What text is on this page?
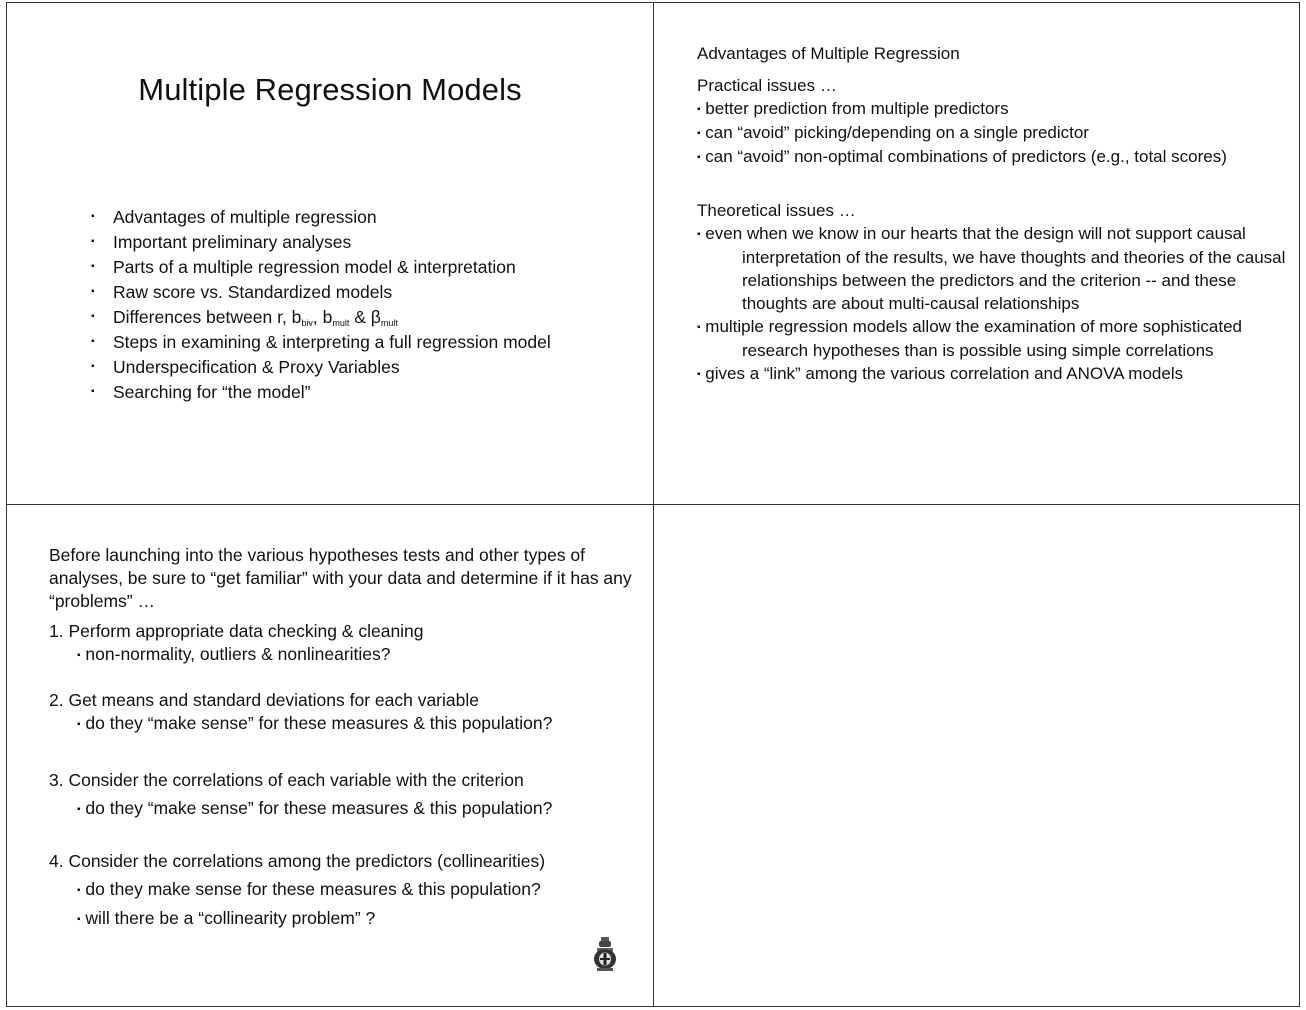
Multiple Regression Models
▪ Advantages of multiple regression
▪ Important preliminary analyses
▪ Parts of a multiple regression model & interpretation
▪ Raw score vs. Standardized models
▪ Differences between r, $b_{biv}$, $b_{mult}$ & $\beta_{mult}$
▪ Steps in examining & interpreting a full regression model
▪ Underspecification & Proxy Variables
▪ Searching for “the model”
Advantages of Multiple Regression
Practical issues …
▪ better prediction from multiple predictors
▪ can “avoid” picking/depending on a single predictor
▪ can “avoid” non-optimal combinations of predictors (e.g., total scores)
Theoretical issues …
▪ even when we know in our hearts that the design will not support causal interpretation of the results, we have thoughts and theories of the causal relationships between the predictors and the criterion -- and these thoughts are about multi-causal relationships
▪ multiple regression models allow the examination of more sophisticated research hypotheses than is possible using simple correlations
▪ gives a “link” among the various correlation and ANOVA models
Before launching into the various hypotheses tests and other types of analyses, be sure to “get familiar” with your data and determine if it has any “problems” …
1. Perform appropriate data checking & cleaning
▪ non-normality, outliers & nonlinearities?
2. Get means and standard deviations for each variable
▪ do they “make sense” for these measures & this population?
3. Consider the correlations of each variable with the criterion
▪ do they “make sense” for these measures & this population?
4. Consider the correlations among the predictors (collinearities)
▪ do they make sense for these measures & this population?
▪ will there be a “collinearity problem” ?
